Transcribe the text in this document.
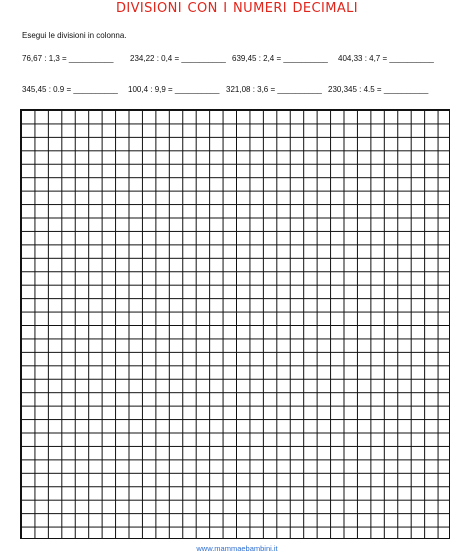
DIVISIONI CON I NUMERI DECIMALI
Esegui le divisioni in colonna.
76,67 : 1,3 = __________ 234,22 : 0,4 = __________ 639,45 : 2,4 = __________ 404,33 : 4,7 = __________
345,45 : 0.9 = __________ 100,4 : 9,9 = __________ 321,08 : 3,6 = __________ 230,345 : 4.5 = __________
www.mammaebambini.it
